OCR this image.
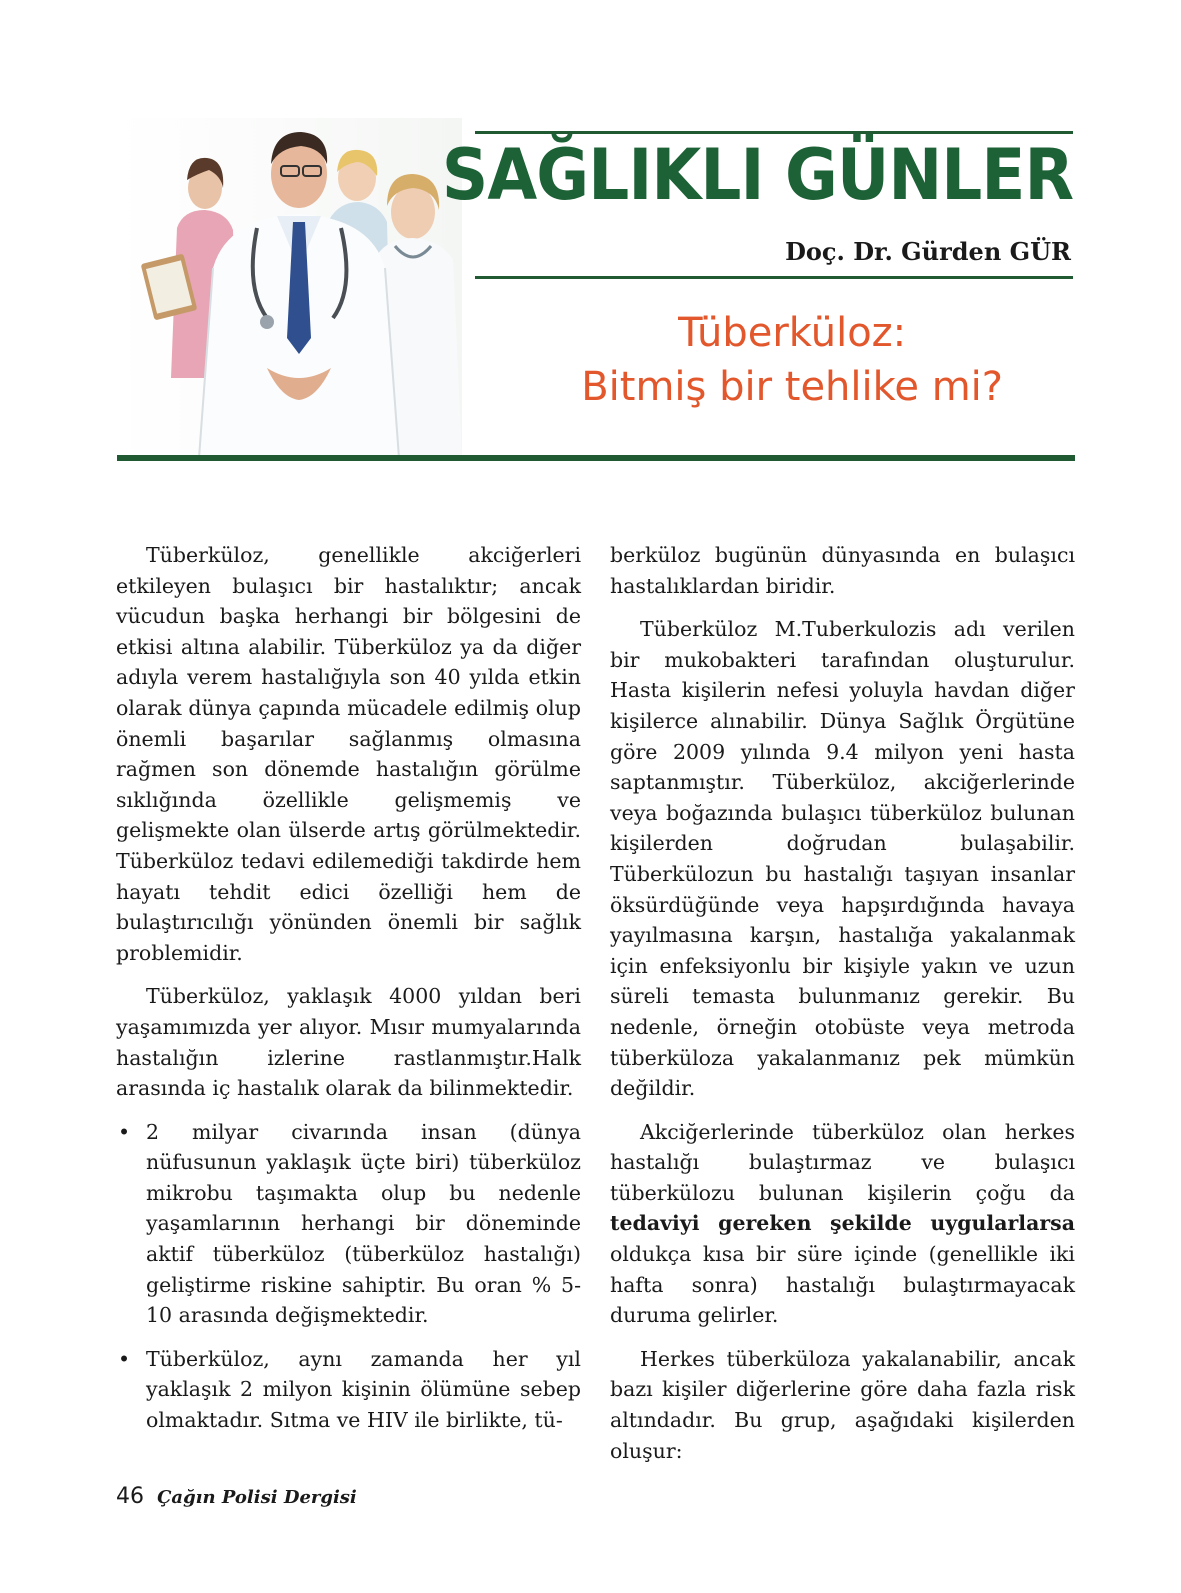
SAĞLIKLI GÜNLER
Doç. Dr. Gürden GÜR
Tüberküloz:
Bitmiş bir tehlike mi?

Tüberküloz, genellikle akciğerleri etkileyen bulaşıcı bir hastalıktır; ancak vücudun başka herhangi bir bölgesini de etkisi altına alabilir. Tüberküloz ya da diğer adıyla verem hastalığıyla son 40 yılda etkin olarak dünya çapında mücadele edilmiş olup önemli başarılar sağlanmış olmasına rağmen son dönemde hastalığın görülme sıklığında özellikle gelişmemiş ve gelişmekte olan ülserde artış görülmektedir. Tüberküloz tedavi edilemediği takdirde hem hayatı tehdit edici özelliği hem de bulaştırıcılığı yönünden önemli bir sağlık problemidir.

Tüberküloz, yaklaşık 4000 yıldan beri yaşamımızda yer alıyor. Mısır mumyalarında hastalığın izlerine rastlanmıştır.Halk arasında iç hastalık olarak da bilinmektedir.

• 2 milyar civarında insan (dünya nüfusunun yaklaşık üçte biri) tüberküloz mikrobu taşımakta olup bu nedenle yaşamlarının herhangi bir döneminde aktif tüberküloz (tüberküloz hastalığı) geliştirme riskine sahiptir. Bu oran % 5-10 arasında değişmektedir.
• Tüberküloz, aynı zamanda her yıl yaklaşık 2 milyon kişinin ölümüne sebep olmaktadır. Sıtma ve HIV ile birlikte, tü-

berküloz bugünün dünyasında en bulaşıcı hastalıklardan biridir.

Tüberküloz M.Tuberkulozis adı verilen bir mukobakteri tarafından oluşturulur. Hasta kişilerin nefesi yoluyla havdan diğer kişilerce alınabilir. Dünya Sağlık Örgütüne göre 2009 yılında 9.4 milyon yeni hasta saptanmıştır. Tüberküloz, akciğerlerinde veya boğazında bulaşıcı tüberküloz bulunan kişilerden doğrudan bulaşabilir. Tüberkülozun bu hastalığı taşıyan insanlar öksürdüğünde veya hapşırdığında havaya yayılmasına karşın, hastalığa yakalanmak için enfeksiyonlu bir kişiyle yakın ve uzun süreli temasta bulunmanız gerekir. Bu nedenle, örneğin otobüste veya metroda tüberküloza yakalanmanız pek mümkün değildir.

Akciğerlerinde tüberküloz olan herkes hastalığı bulaştırmaz ve bulaşıcı tüberkülozu bulunan kişilerin çoğu da tedaviyi gereken şekilde uygularlarsa oldukça kısa bir süre içinde (genellikle iki hafta sonra) hastalığı bulaştırmayacak duruma gelirler.

Herkes tüberküloza yakalanabilir, ancak bazı kişiler diğerlerine göre daha fazla risk altındadır. Bu grup, aşağıdaki kişilerden oluşur:

46 Çağın Polisi Dergisi
